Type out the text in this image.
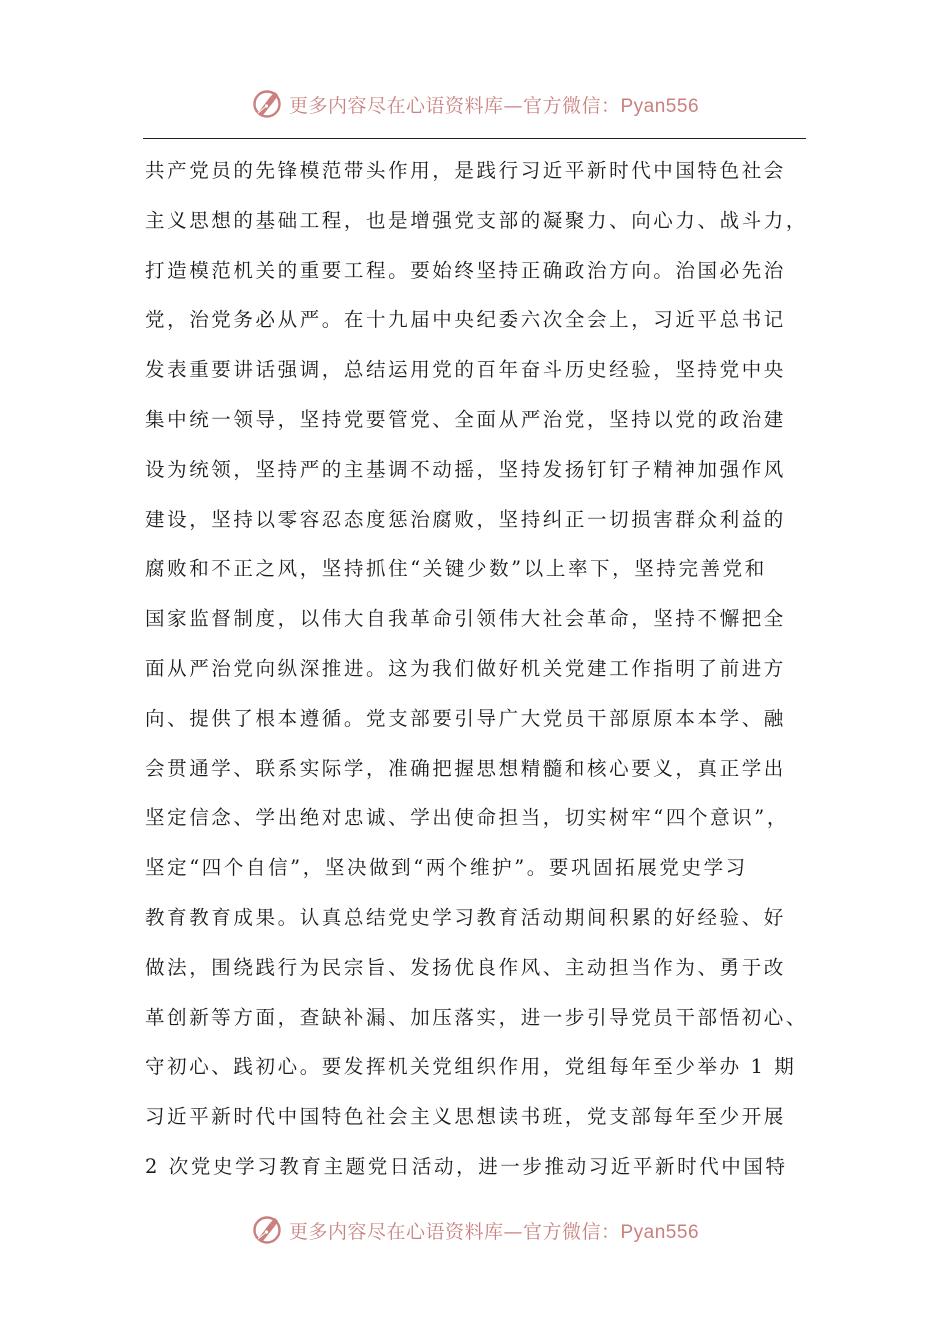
更多内容尽在心语资料库—官方微信：Pyan556
共产党员的先锋模范带头作用，是践行习近平新时代中国特色社会
主义思想的基础工程，也是增强党支部的凝聚力、向心力、战斗力，
打造模范机关的重要工程。要始终坚持正确政治方向。治国必先治
党，治党务必从严。在十九届中央纪委六次全会上，习近平总书记
发表重要讲话强调，总结运用党的百年奋斗历史经验，坚持党中央
集中统一领导，坚持党要管党、全面从严治党，坚持以党的政治建
设为统领，坚持严的主基调不动摇，坚持发扬钉钉子精神加强作风
建设，坚持以零容忍态度惩治腐败，坚持纠正一切损害群众利益的
腐败和不正之风，坚持抓住“关键少数”以上率下，坚持完善党和
国家监督制度，以伟大自我革命引领伟大社会革命，坚持不懈把全
面从严治党向纵深推进。这为我们做好机关党建工作指明了前进方
向、提供了根本遵循。党支部要引导广大党员干部原原本本学、融
会贯通学、联系实际学，准确把握思想精髓和核心要义，真正学出
坚定信念、学出绝对忠诚、学出使命担当，切实树牢“四个意识”，
坚定“四个自信”，坚决做到“两个维护”。要巩固拓展党史学习
教育教育成果。认真总结党史学习教育活动期间积累的好经验、好
做法，围绕践行为民宗旨、发扬优良作风、主动担当作为、勇于改
革创新等方面，查缺补漏、加压落实，进一步引导党员干部悟初心、
守初心、践初心。要发挥机关党组织作用，党组每年至少举办 1 期
习近平新时代中国特色社会主义思想读书班，党支部每年至少开展
2 次党史学习教育主题党日活动，进一步推动习近平新时代中国特
更多内容尽在心语资料库—官方微信：Pyan556
